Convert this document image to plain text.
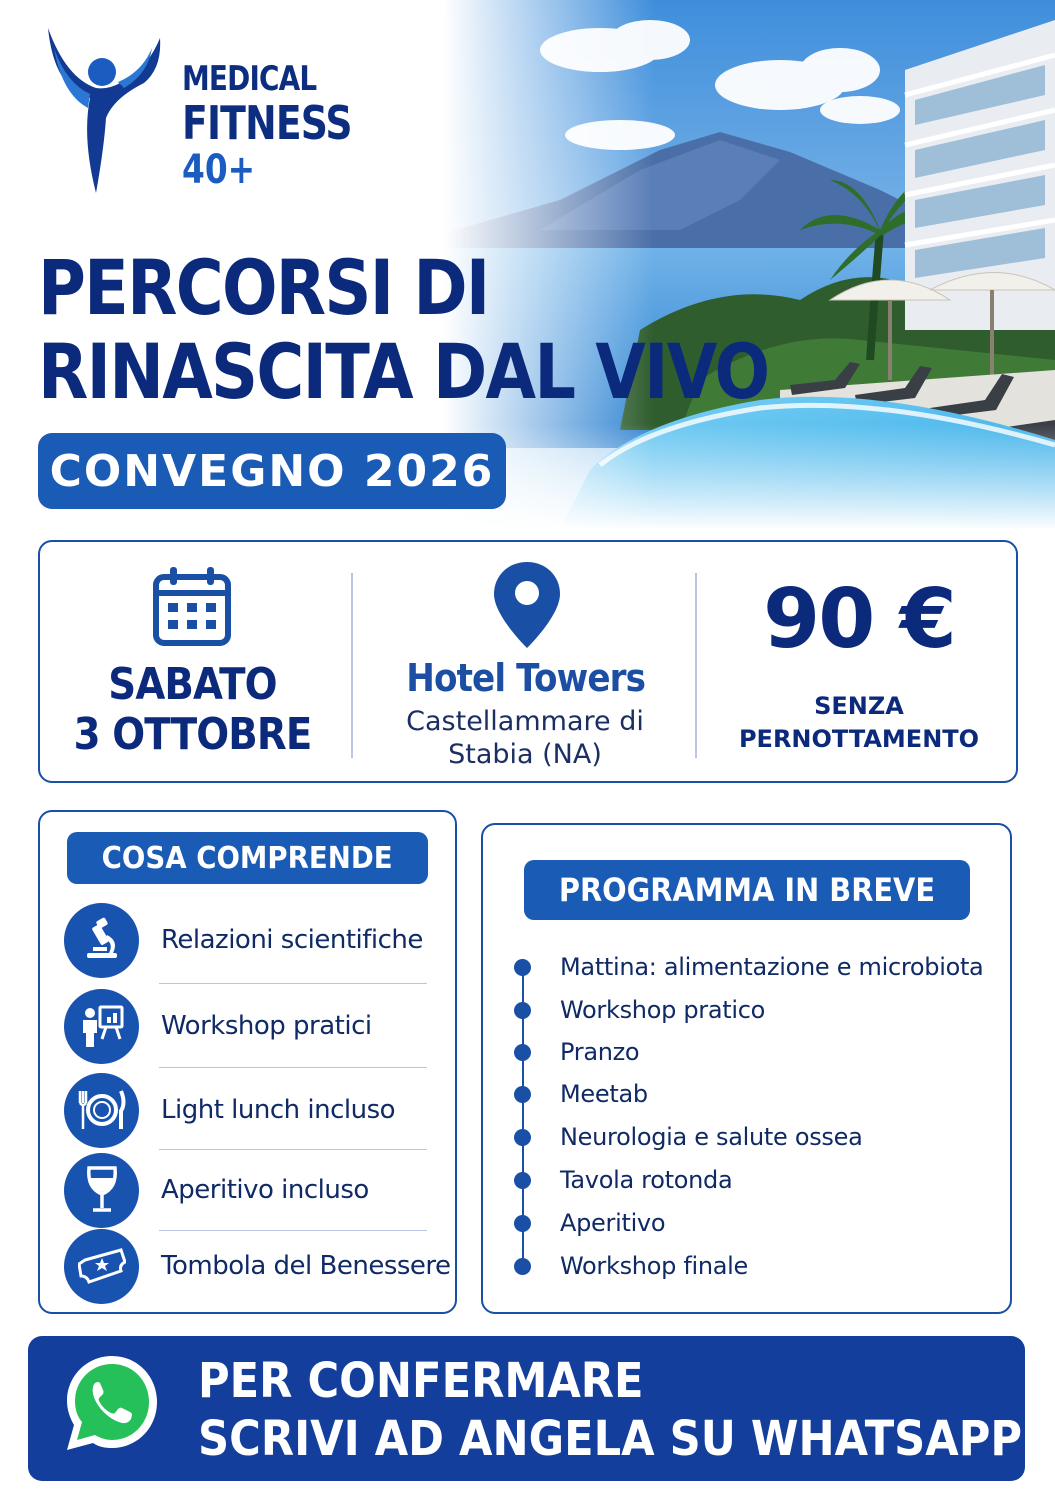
MEDICAL
FITNESS
40+
PERCORSI DI
RINASCITA DAL VIVO
CONVEGNO 2026
SABATO
3 OTTOBRE
Hotel Towers
Castellammare di
Stabia (NA)
90 €
SENZA
PERNOTTAMENTO
COSA COMPRENDE
Relazioni scientifiche
Workshop pratici
Light lunch incluso
Aperitivo incluso
Tombola del Benessere
PROGRAMMA IN BREVE
Mattina: alimentazione e microbiota
Workshop pratico
Pranzo
Meetab
Neurologia e salute ossea
Tavola rotonda
Aperitivo
Workshop finale
PER CONFERMARE
SCRIVI AD ANGELA SU WHATSAPP
